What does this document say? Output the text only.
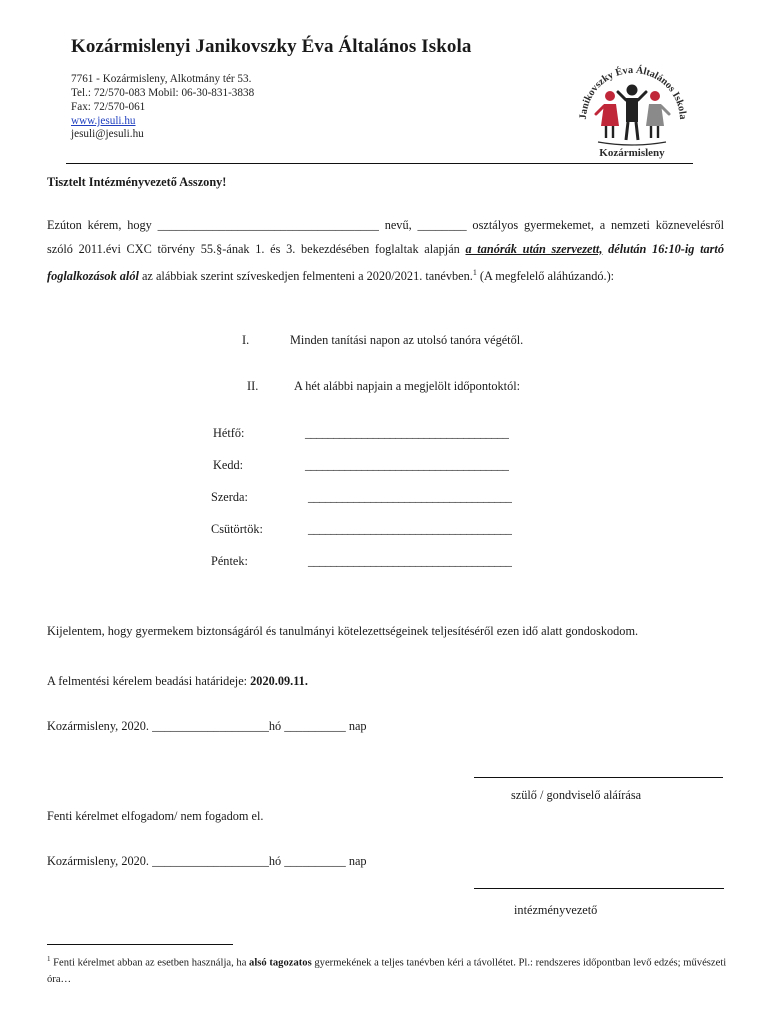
Kozármislenyi Janikovszky Éva Általános Iskola
7761 - Kozármisleny, Alkotmány tér 53.
Tel.: 72/570-083 Mobil: 06-30-831-3838
Fax: 72/570-061
www.jesuli.hu
jesuli@jesuli.hu
Janikovszky Éva Általános Iskola
Kozármisleny
Tisztelt Intézményvezető Asszony!
Ezúton kérem, hogy ____________________________________ nevű, ________ osztályos gyermekemet, a nemzeti köznevelésről szóló 2011.évi CXC törvény 55.§-ának 1. és 3. bekezdésében foglaltak alapján a tanórák után szervezett, délután 16:10-ig tartó foglalkozások alól az alábbiak szerint szíveskedjen felmenteni a 2020/2021. tanévben.$^1$ (A megfelelő aláhúzandó.):
I.	Minden tanítási napon az utolsó tanóra végétől.
II.	A hét alábbi napjain a megjelölt időpontoktól:
Hétfő:	____________________________________
Kedd:	____________________________________
Szerda:	____________________________________
Csütörtök:	____________________________________
Péntek:	____________________________________
Kijelentem, hogy gyermekem biztonságáról és tanulmányi kötelezettségeinek teljesítéséről ezen idő alatt gondoskodom.
A felmentési kérelem beadási határideje: 2020.09.11.
Kozármisleny, 2020. ___________________hó __________ nap
szülő / gondviselő aláírása
Fenti kérelmet elfogadom/ nem fogadom el.
Kozármisleny, 2020. ___________________hó __________ nap
intézményvezető
$^1$ Fenti kérelmet abban az esetben használja, ha alsó tagozatos gyermekének a teljes tanévben kéri a távollétet. Pl.: rendszeres időpontban levő edzés; művészeti óra…
